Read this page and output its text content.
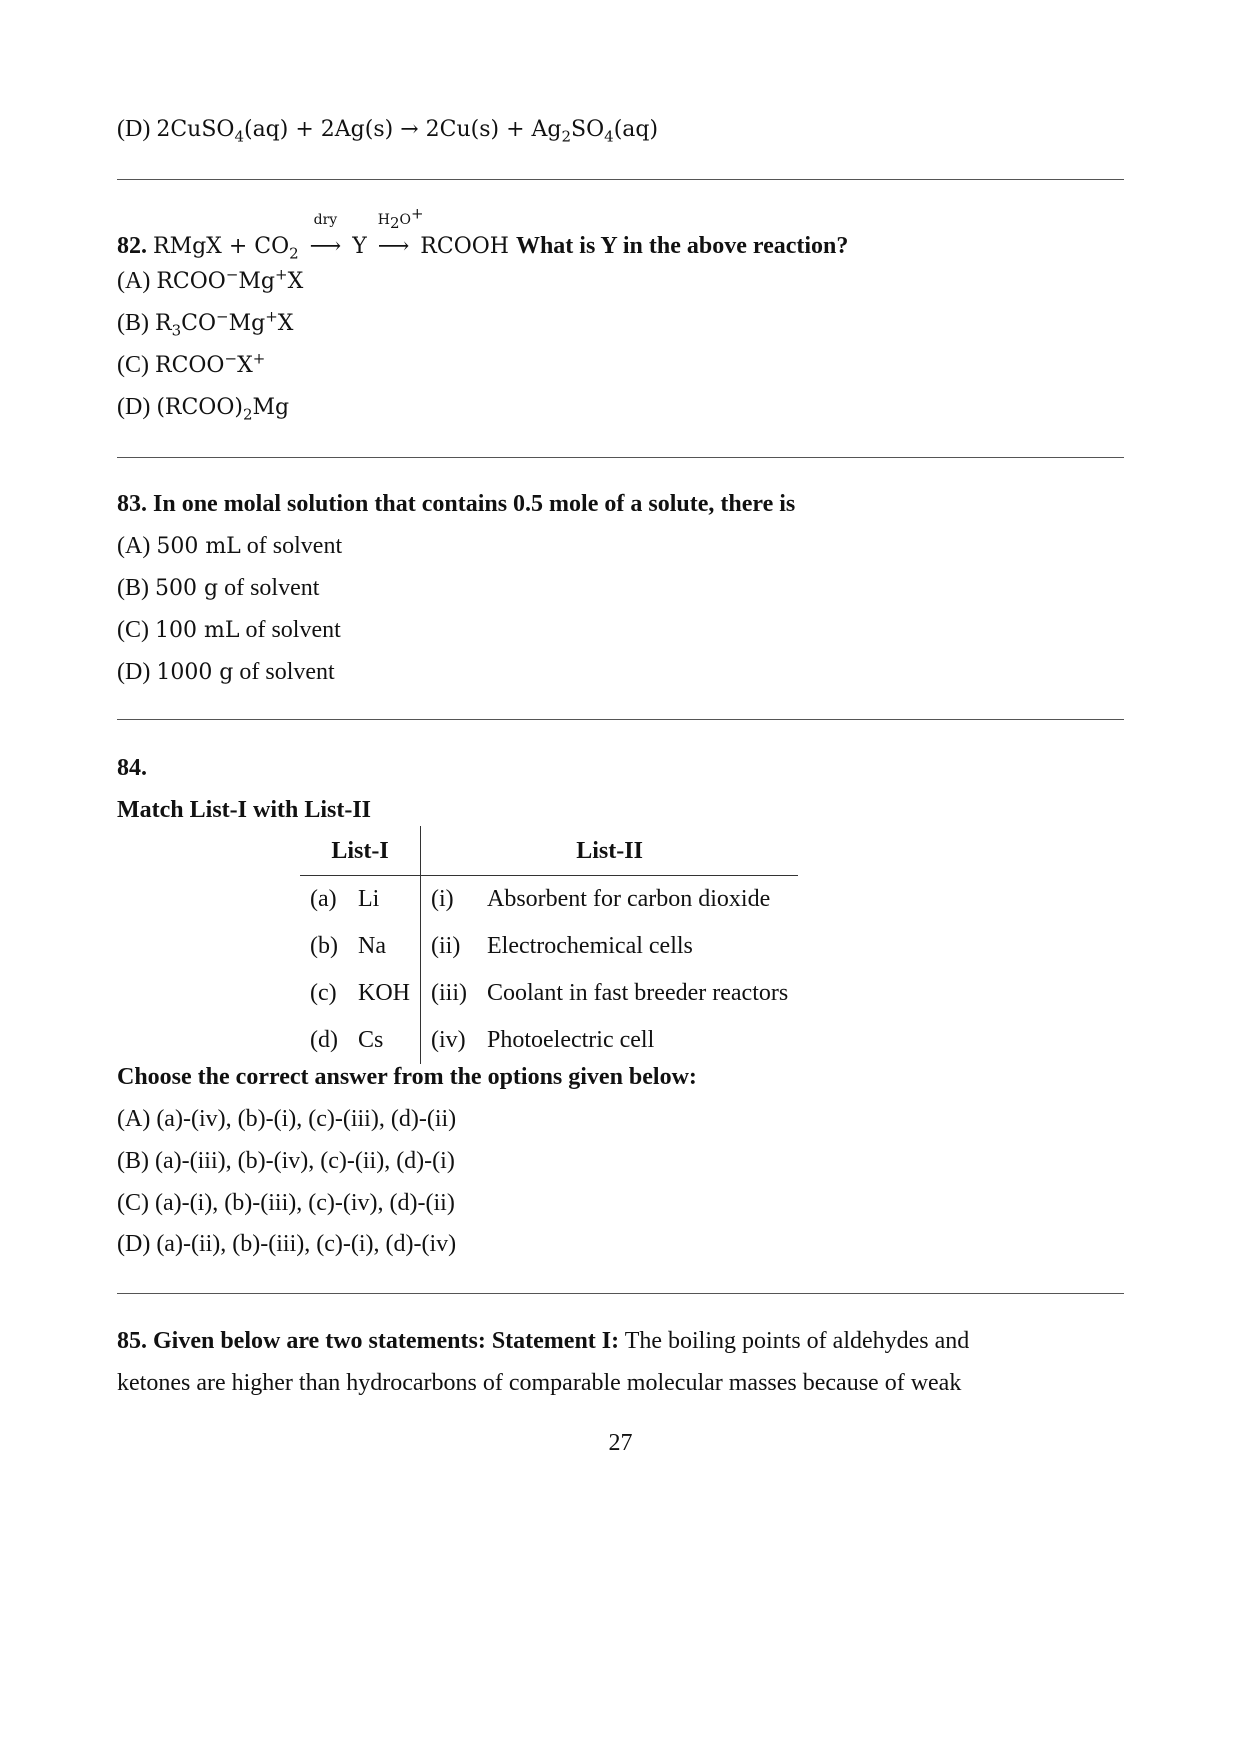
(D) 2CuSO$_4$(aq) + $2Ag(s) \to 2Cu(s) + Ag_2SO_4(aq)$
82. RMgX + $CO_2$
dry
⟶ Y
$H_2O^+$
⟶ RCOOH What is Y in the above reaction?
(A) RCOO−Mg+X
(B) $R_3CO^-Mg^+X$
(C) RCOO−X+
(D) $(RCOO)_2Mg$
83. In one molal solution that contains 0.5 mole of a solute, there is
(A) 500 mL of solvent
(B) 500 g of solvent
(C) 100 mL of solvent
(D) 1000 g of solvent
84.
Match List-I with List-II
List-I		List-II	
(a)	Li	(i)	Absorbent for carbon dioxide
(b)	Na	(ii)	Electrochemical cells
(c)	KOH	(iii)	Coolant in fast breeder reactors
(d)	Cs	(iv)	Photoelectric cell
Choose the correct answer from the options given below:
(A) (a)-(iv), (b)-(i), (c)-(iii), (d)-(ii)
(B) (a)-(iii), (b)-(iv), (c)-(ii), (d)-(i)
(C) (a)-(i), (b)-(iii), (c)-(iv), (d)-(ii)
(D) (a)-(ii), (b)-(iii), (c)-(i), (d)-(iv)
85. Given below are two statements: Statement I: The boiling points of aldehydes and
ketones are higher than hydrocarbons of comparable molecular masses because of weak
27
